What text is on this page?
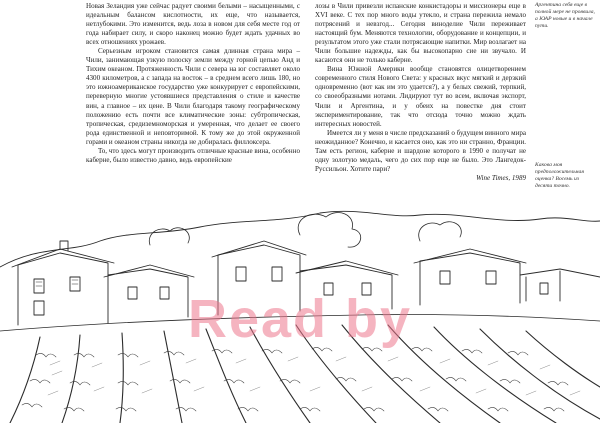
Новая Зеландия уже сейчас радует своими белыми – насыщенными, с идеальным балансом кислотности, их еще, что называется, нетлубокими. Это изменится, ведь лоза в новом для себя месте год от года набирает силу, и скоро наконец можно будет ждать удачных во всех отношениях урожаев.

Серьезным игроком становится самая длинная страна мира – Чили, занимающая узкую полоску земли между горной цепью Анд и Тихим океаном. Протяженность Чили с севера на юг составляет около 4300 километров, а с запада на восток – в среднем всего лишь 180, но это южноамериканское государство уже конкурирует с европейскими, переверную многие устоявшиеся представления о стиле и качестве вин, а главное – их цене. В Чили благодаря такому географическому положению есть почти все климатические зоны: субтропическая, тропическая, средиземноморская и умеренная, что делает ее своего рода единственной и неповторимой. К тому же до этой окруженной горами и океаном страны никогда не добиралась филлоксера.

То, что здесь могут производить отличные красные вина, особенно каберне, было известно давно, ведь европейские

лозы в Чили привезли испанские конкистадоры и миссионеры еще в XVI веке. С тех пор много воды утекло, и страна пережила немало потрясений и невзгод... Сегодня виноделие Чили переживает настоящий бум. Меняются технологии, оборудование и концепции, и результатом этого уже стали потрясающие напитки. Мир возлагает на Чили большие надежды, как бы высокопарно сие ни звучало. И касаются они не только каберне.

Вина Южной Америки вообще становятся олицетворением современного стиля Нового Света: у красных вкус мягкий и дерзкий одновременно (вот как им это удается?), а у белых свежий, терпкий, со своеобразными нотами. Лидируют тут во всем, включая экспорт, Чили и Аргентина, и у обеих на повестке дня стоит экспериментирование, так что отсюда точно можно ждать интересных новостей.

Имеется ли у меня в числе предсказаний о будущем винного мира неожиданное? Конечно, и касается оно, как это ни странно, Франции. Там есть регион, каберне и шардоне которого в 1990 е получат не одну золотую медаль, чего до сих пор еще не было. Это Лангедок-Руссильон. Хотите пари?

Wine Times, 1989
Аргентина себя еще в полной мере не проявила, а ЮАР новые и в начале пути.
Какова моя предположительная оценка? Восемь из десяти точно.
Read by
